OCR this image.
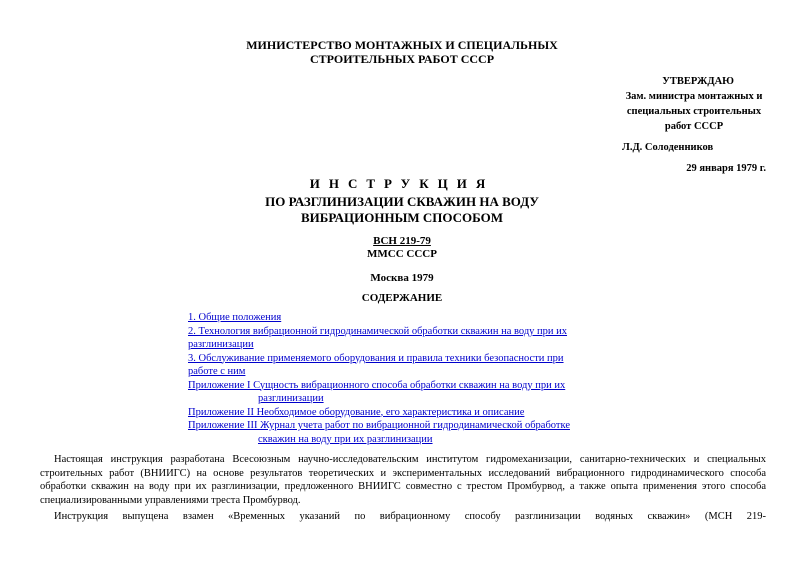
МИНИСТЕРСТВО МОНТАЖНЫХ И СПЕЦИАЛЬНЫХ
СТРОИТЕЛЬНЫХ РАБОТ СССР
УТВЕРЖДАЮ
Зам. министра монтажных и
специальных строительных
работ СССР
Л.Д. Солоденников
29 января 1979 г.
ИНСТРУКЦИЯ
ПО РАЗГЛИНИЗАЦИИ СКВАЖИН НА ВОДУ
ВИБРАЦИОННЫМ СПОСОБОМ
ВСН 219-79
ММСС СССР
Москва 1979
СОДЕРЖАНИЕ
1. Общие положения
2. Технология вибрационной гидродинамической обработки скважин на воду при их
разглинизации
3. Обслуживание применяемого оборудования и правила техники безопасности при
работе с ним
Приложение I Сущность вибрационного способа обработки скважин на воду при их
разглинизации
Приложение II Необходимое оборудование, его характеристика и описание
Приложение III Журнал учета работ по вибрационной гидродинамической обработке
скважин на воду при их разглинизации
Настоящая инструкция разработана Всесоюзным научно-исследовательским институтом гидромеханизации, санитарно-технических и специальных строительных работ (ВНИИГС) на основе результатов теоретических и экспериментальных исследований вибрационного гидродинамического способа обработки скважин на воду при их разглинизации, предложенного ВНИИГС совместно с трестом Промбурвод, а также опыта применения этого способа специализированными управлениями треста Промбурвод.
Инструкция выпущена взамен «Временных указаний по вибрационному способу разглинизации водяных скважин» (МСН 219-
